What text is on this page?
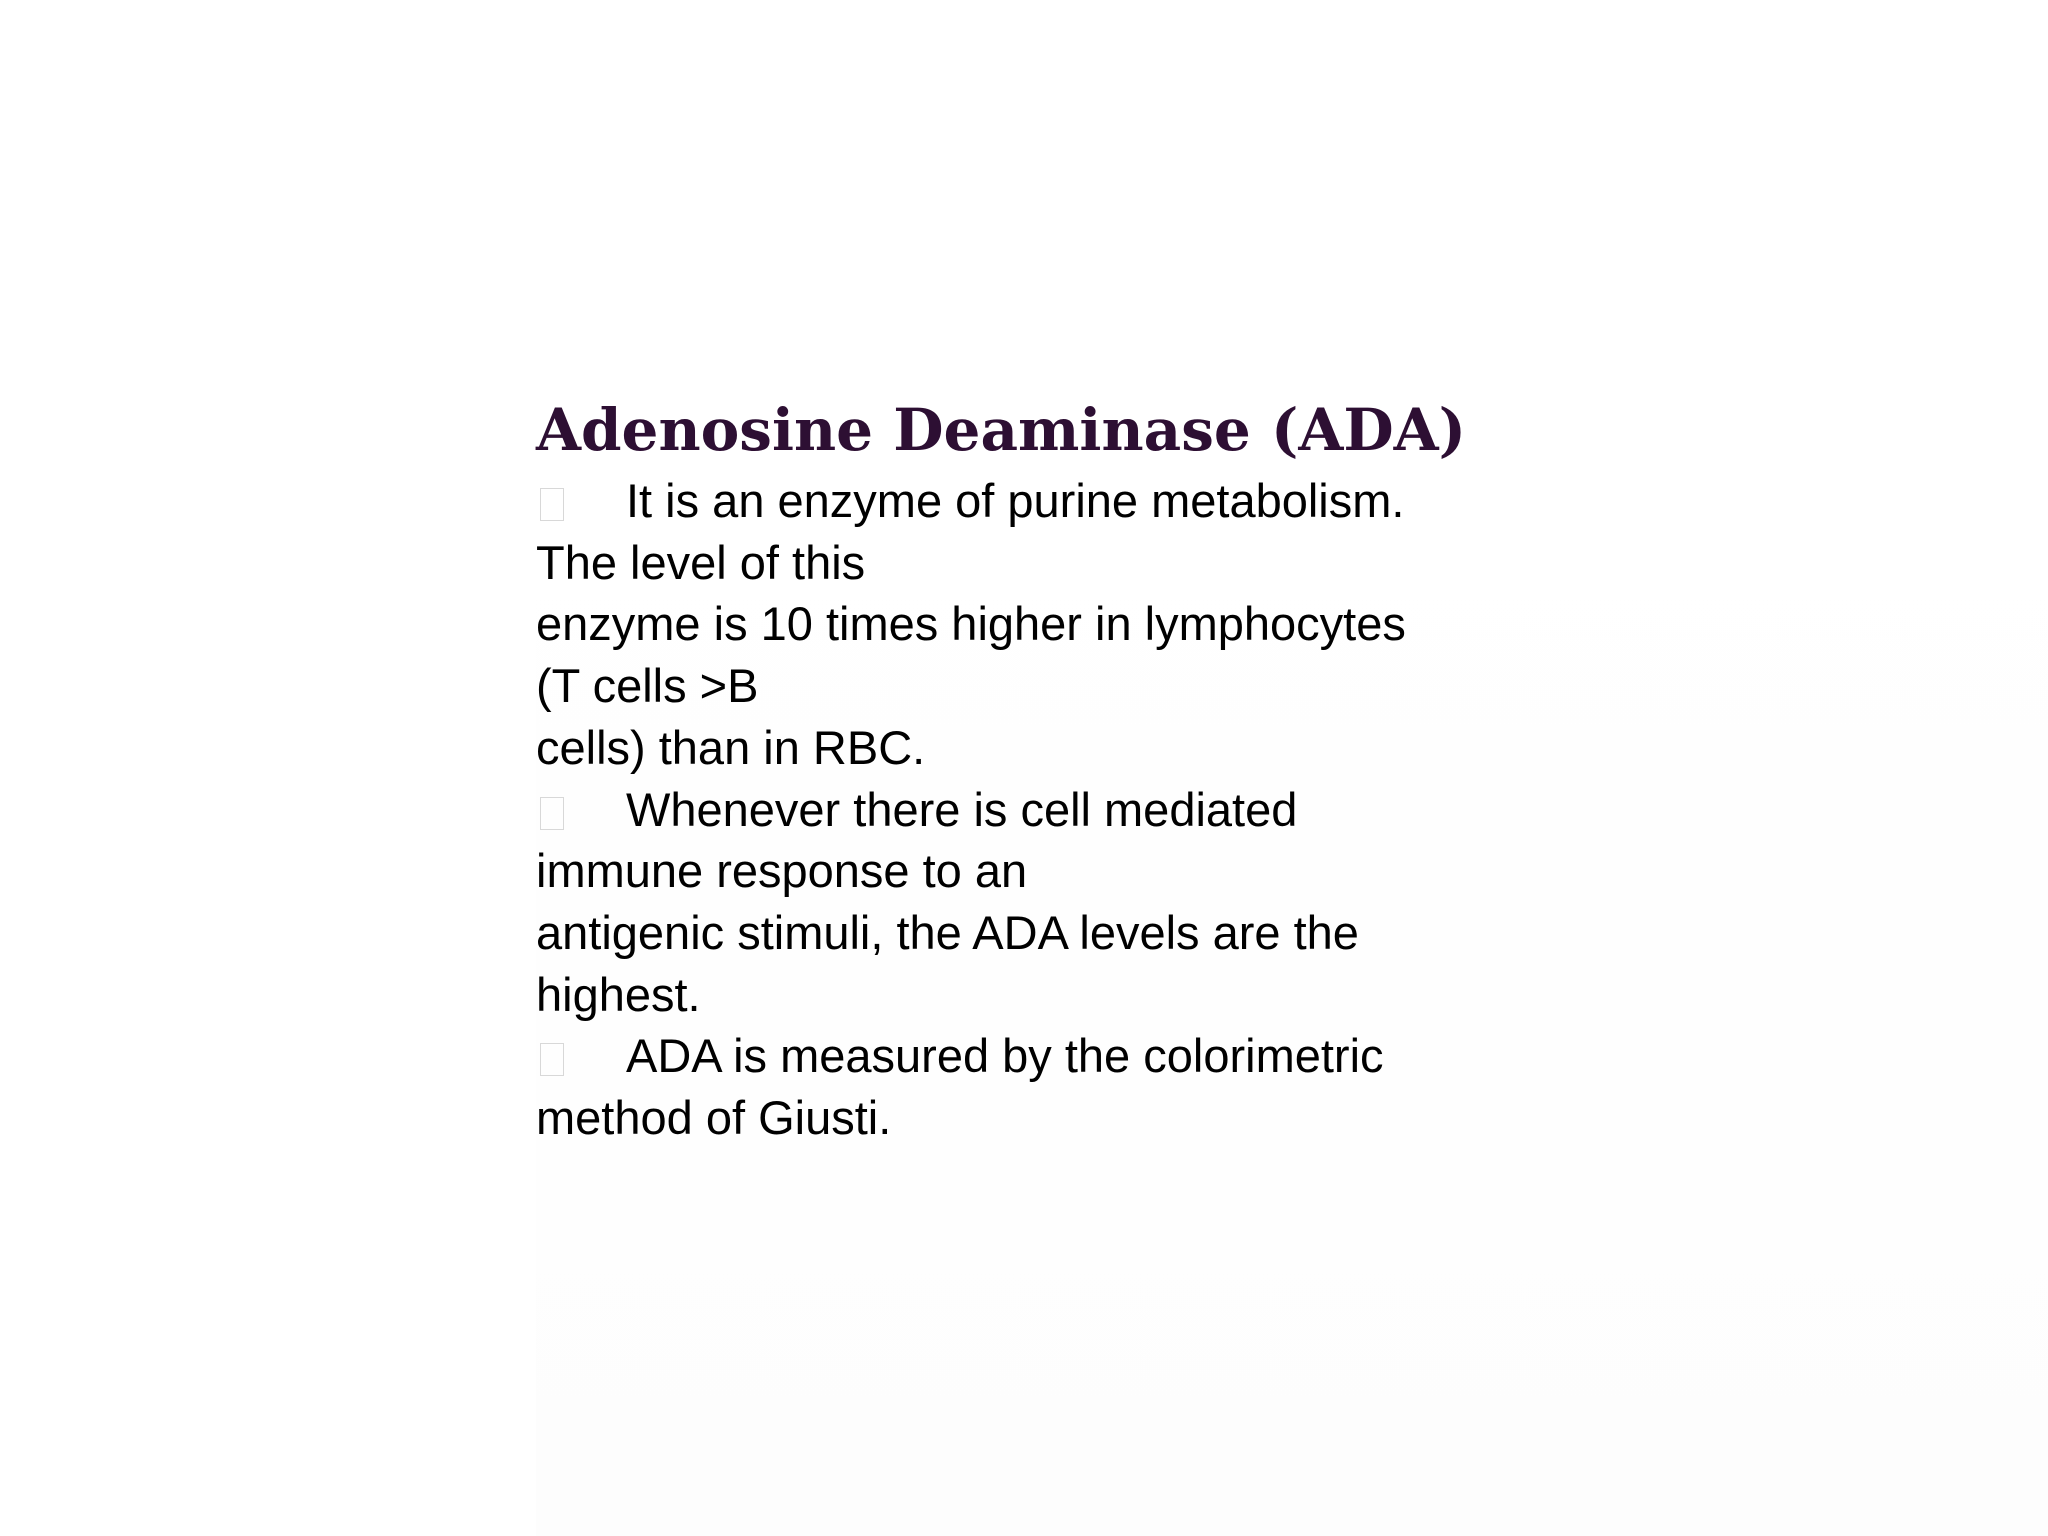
Adenosine Deaminase (ADA)
It is an enzyme of purine metabolism.
The level of this
enzyme is 10 times higher in lymphocytes
(T cells >B
cells) than in RBC.
Whenever there is cell mediated
immune response to an
antigenic stimuli, the ADA levels are the
highest.
ADA is measured by the colorimetric
method of Giusti.
